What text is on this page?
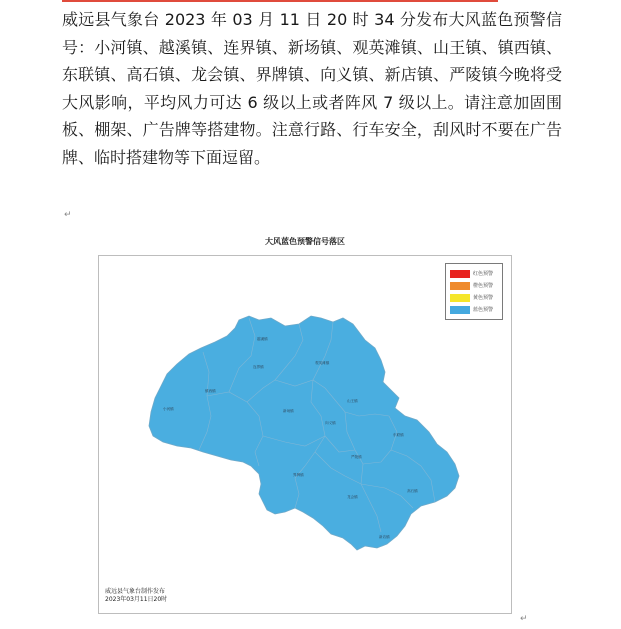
威远县气象台 2023 年 03 月 11 日 20 时 34 分发布大风蓝色预警信号：小河镇、越溪镇、连界镇、新场镇、观英滩镇、山王镇、镇西镇、东联镇、高石镇、龙会镇、界牌镇、向义镇、新店镇、严陵镇今晚将受大风影响，平均风力可达 6 级以上或者阵风 7 级以上。请注意加固围板、棚架、广告牌等搭建物。注意行路、行车安全，刮风时不要在广告牌、临时搭建物等下面逗留。

↵
大风蓝色预警信号落区
越溪镇
观英滩镇
小河镇
山王镇
镇西镇
连界镇
新场镇
向义镇
严陵镇
东联镇
界牌镇
龙会镇
高石镇
新店镇
红色预警
橙色预警
黄色预警
蓝色预警
威远县气象台制作发布
2023年03月11日20时
↵
